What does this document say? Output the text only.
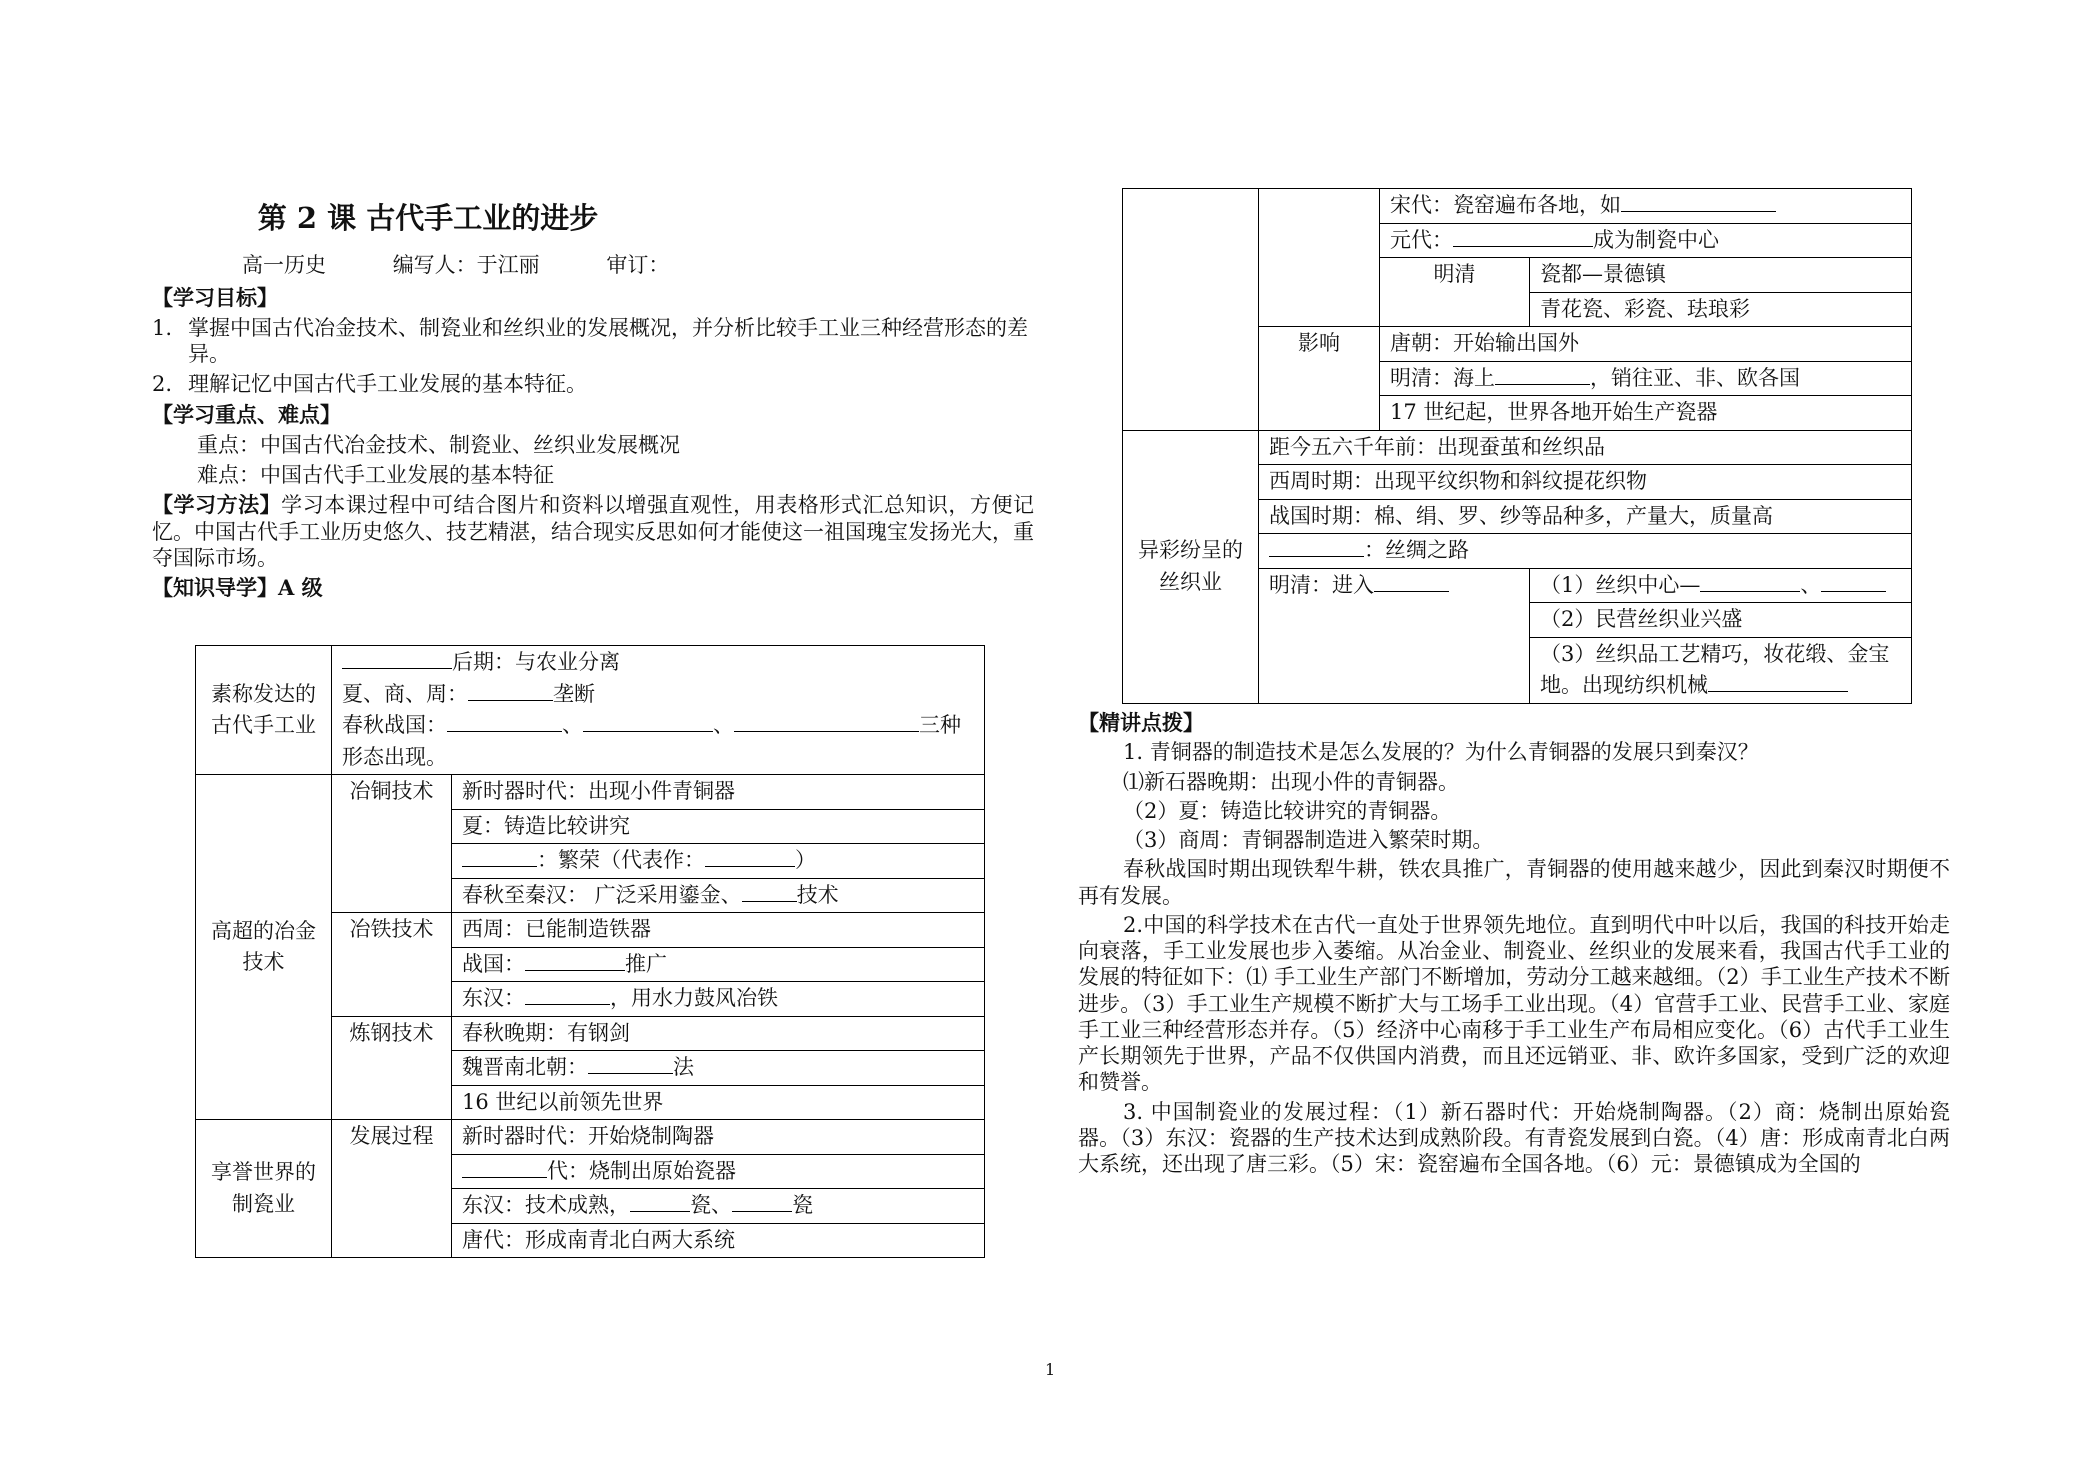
第 2 课 古代手工业的进步
高一历史	编写人：于江丽	审订：
【学习目标】
1. 掌握中国古代冶金技术、制瓷业和丝织业的发展概况，并分析比较手工业三种经营形态的差异。
2. 理解记忆中国古代手工业发展的基本特征。
【学习重点、难点】
重点：中国古代冶金技术、制瓷业、丝织业发展概况
难点：中国古代手工业发展的基本特征
【学习方法】学习本课过程中可结合图片和资料以增强直观性，用表格形式汇总知识，方便记忆。中国古代手工业历史悠久、技艺精湛，结合现实反思如何才能使这一祖国瑰宝发扬光大，重夺国际市场。
【知识导学】A 级
素称发达的古代手工业	后期：与农业分离
夏、商、周： 垄断
春秋战国： 、 、 三种形态出现。	

高超的冶金技术	冶铜技术	新时器时代：出现小件青铜器
		夏：铸造比较讲究
		：繁荣（代表作： ）
		春秋至秦汉： 广泛采用鎏金、 技术
	冶铁技术	西周：已能制造铁器
		战国： 推广
		东汉： ，用水力鼓风冶铁
	炼钢技术	春秋晚期：有钢剑
		魏晋南北朝： 法
		16 世纪以前领先世界
享誉世界的制瓷业	发展过程	新时器时代：开始烧制陶器
		代：烧制出原始瓷器
		东汉：技术成熟， 瓷、 瓷
		唐代：形成南青北白两大系统
		宋代：瓷窑遍布各地，如	
		元代： 成为制瓷中心	
		明清	瓷都—景德镇
			青花瓷、彩瓷、珐琅彩
	影响	唐朝：开始输出国外	
		明清：海上 ，销往亚、非、欧各国	
		17 世纪起，世界各地开始生产瓷器	
异彩纷呈的丝织业	距今五六千年前：出现蚕茧和丝织品		
	西周时期：出现平纹织物和斜纹提花织物		
	战国时期：棉、绢、罗、纱等品种多，产量大，质量高		
	：丝绸之路		
	明清：进入		（1）丝织中心— 、
			（2）民营丝织业兴盛
			（3）丝织品工艺精巧，妆花缎、金宝地。出现纺织机械
【精讲点拨】
1. 青铜器的制造技术是怎么发展的？为什么青铜器的发展只到秦汉？
⑴新石器晚期：出现小件的青铜器。
（2）夏：铸造比较讲究的青铜器。
（3）商周：青铜器制造进入繁荣时期。
春秋战国时期出现铁犁牛耕，铁农具推广，青铜器的使用越来越少，因此到秦汉时期便不再有发展。
2.中国的科学技术在古代一直处于世界领先地位。直到明代中叶以后，我国的科技开始走向衰落，手工业发展也步入萎缩。从冶金业、制瓷业、丝织业的发展来看，我国古代手工业的发展的特征如下：⑴ 手工业生产部门不断增加，劳动分工越来越细。（2）手工业生产技术不断进步。（3）手工业生产规模不断扩大与工场手工业出现。（4）官营手工业、民营手工业、家庭手工业三种经营形态并存。（5）经济中心南移于手工业生产布局相应变化。（6）古代手工业生产长期领先于世界，产品不仅供国内消费，而且还远销亚、非、欧许多国家，受到广泛的欢迎和赞誉。
3. 中国制瓷业的发展过程：（1）新石器时代：开始烧制陶器。（2）商：烧制出原始瓷器。（3）东汉：瓷器的生产技术达到成熟阶段。有青瓷发展到白瓷。（4）唐：形成南青北白两大系统，还出现了唐三彩。（5）宋：瓷窑遍布全国各地。（6）元：景德镇成为全国的
1
